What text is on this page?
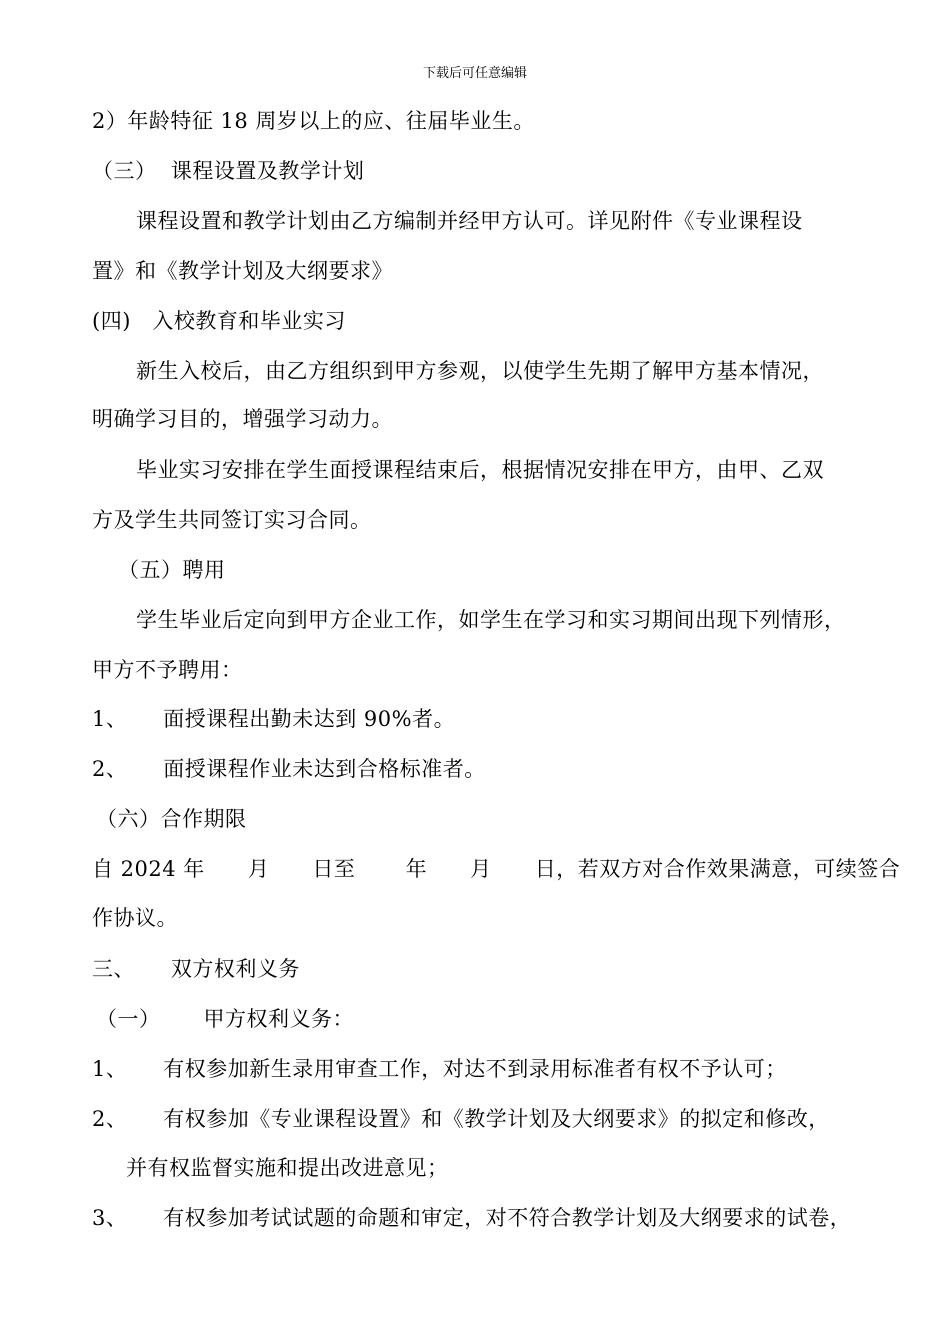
下载后可任意编辑
2）年龄特征 18 周岁以上的应、往届毕业生。
（三）  课程设置及教学计划
课程设置和教学计划由乙方编制并经甲方认可。详见附件《专业课程设
置》和《教学计划及大纲要求》
(四)   入校教育和毕业实习
新生入校后，由乙方组织到甲方参观，以使学生先期了解甲方基本情况，
明确学习目的，增强学习动力。
毕业实习安排在学生面授课程结束后，根据情况安排在甲方，由甲、乙双
方及学生共同签订实习合同。
（五）聘用
学生毕业后定向到甲方企业工作，如学生在学习和实习期间出现下列情形，
甲方不予聘用：
1、     面授课程出勤未达到 90%者。
2、     面授课程作业未达到合格标准者。
（六）合作期限
自 2024 年      月      日至       年      月      日，若双方对合作效果满意，可续签合
作协议。
三、     双方权利义务
（一）      甲方权利义务：
1、     有权参加新生录用审查工作，对达不到录用标准者有权不予认可；
2、     有权参加《专业课程设置》和《教学计划及大纲要求》的拟定和修改，
并有权监督实施和提出改进意见；
3、     有权参加考试试题的命题和审定，对不符合教学计划及大纲要求的试卷，
